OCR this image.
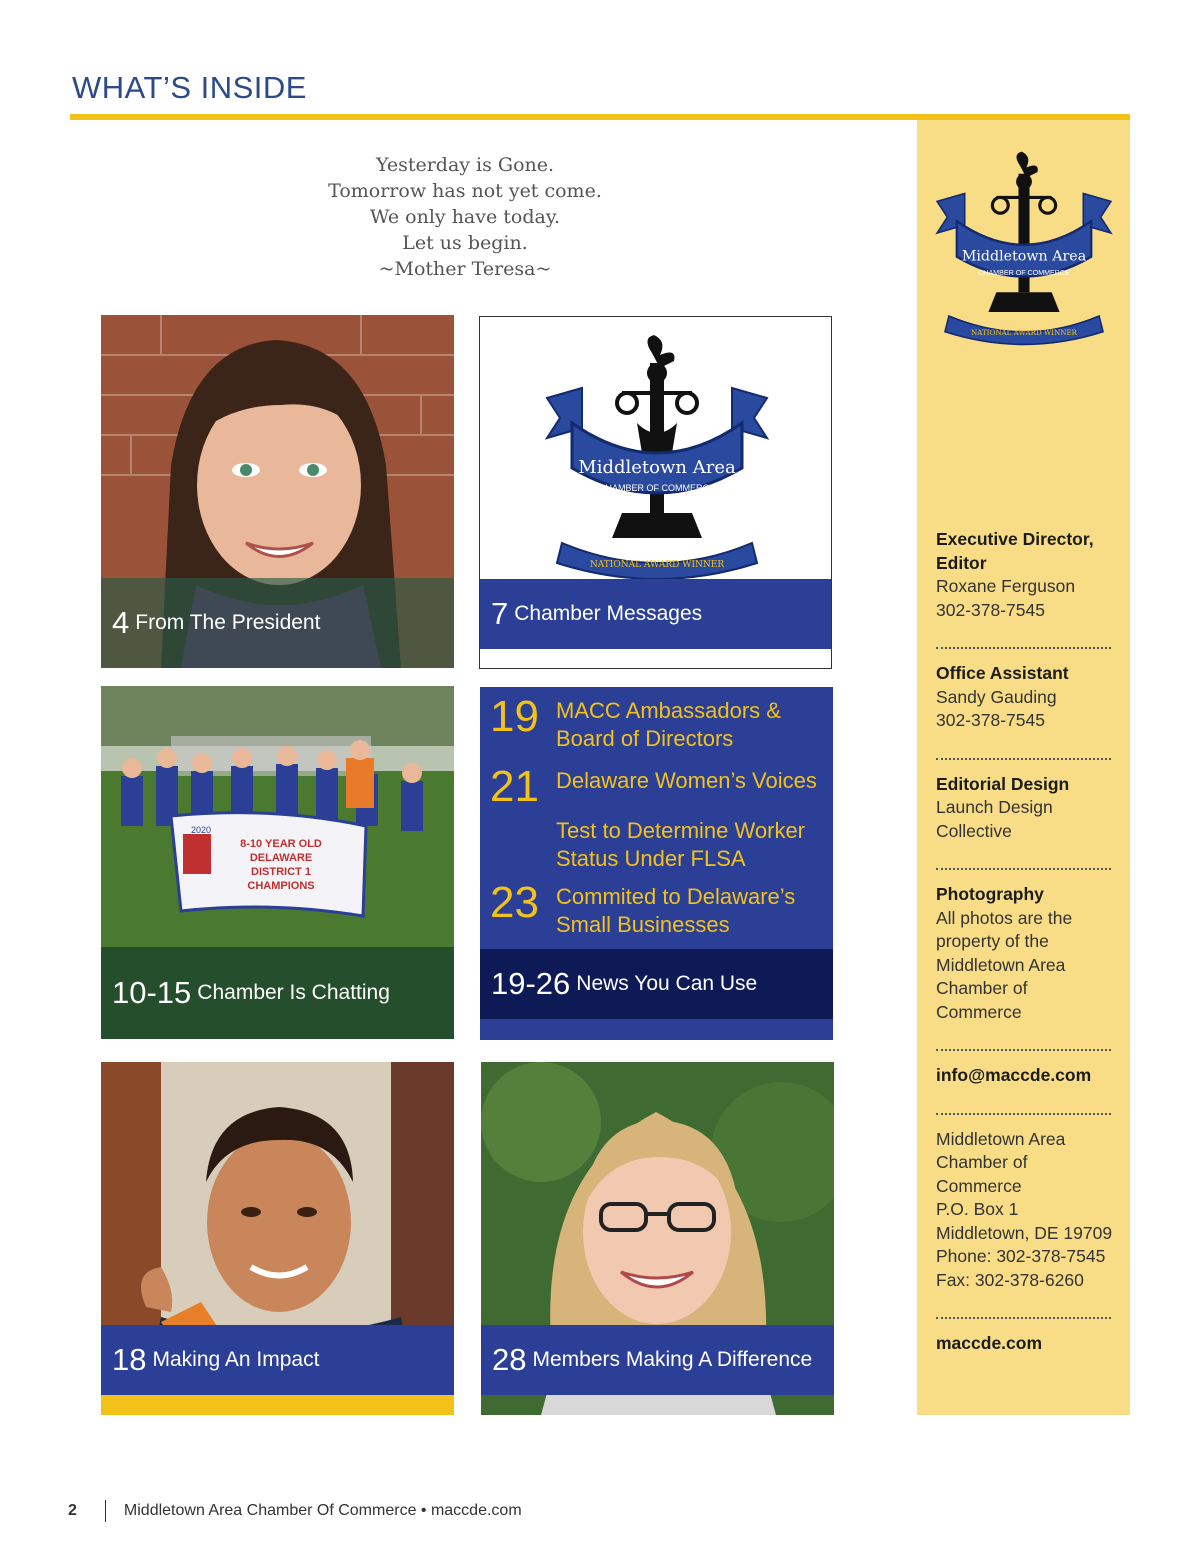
WHAT’S INSIDE
Yesterday is Gone.
Tomorrow has not yet come.
We only have today.
Let us begin.
~Mother Teresa~
4 From The President
Middletown Area
CHAMBER OF COMMERCE
NATIONAL AWARD WINNER
7 Chamber Messages
2020
8-10 YEAR OLD
DELAWARE
DISTRICT 1
CHAMPIONS
10-15 Chamber Is Chatting
19 MACC Ambassadors &
Board of Directors
21 Delaware Women’s Voices
Test to Determine Worker
Status Under FLSA
23 Commited to Delaware’s
Small Businesses
19-26 News You Can Use
18 Making An Impact	28 Members Making A Difference
Middletown Area
CHAMBER OF COMMERCE
NATIONAL AWARD WINNER
Executive Director, Editor
Roxane Ferguson
302-378-7545
Office Assistant
Sandy Gauding
302-378-7545
Editorial Design
Launch Design
Collective
Photography
All photos are the property of the Middletown Area Chamber of Commerce
info@maccde.com
Middletown Area
Chamber of
Commerce
P.O. Box 1
Middletown, DE 19709
Phone: 302-378-7545
Fax: 302-378-6260
maccde.com
2	Middletown Area Chamber Of Commerce • maccde.com
